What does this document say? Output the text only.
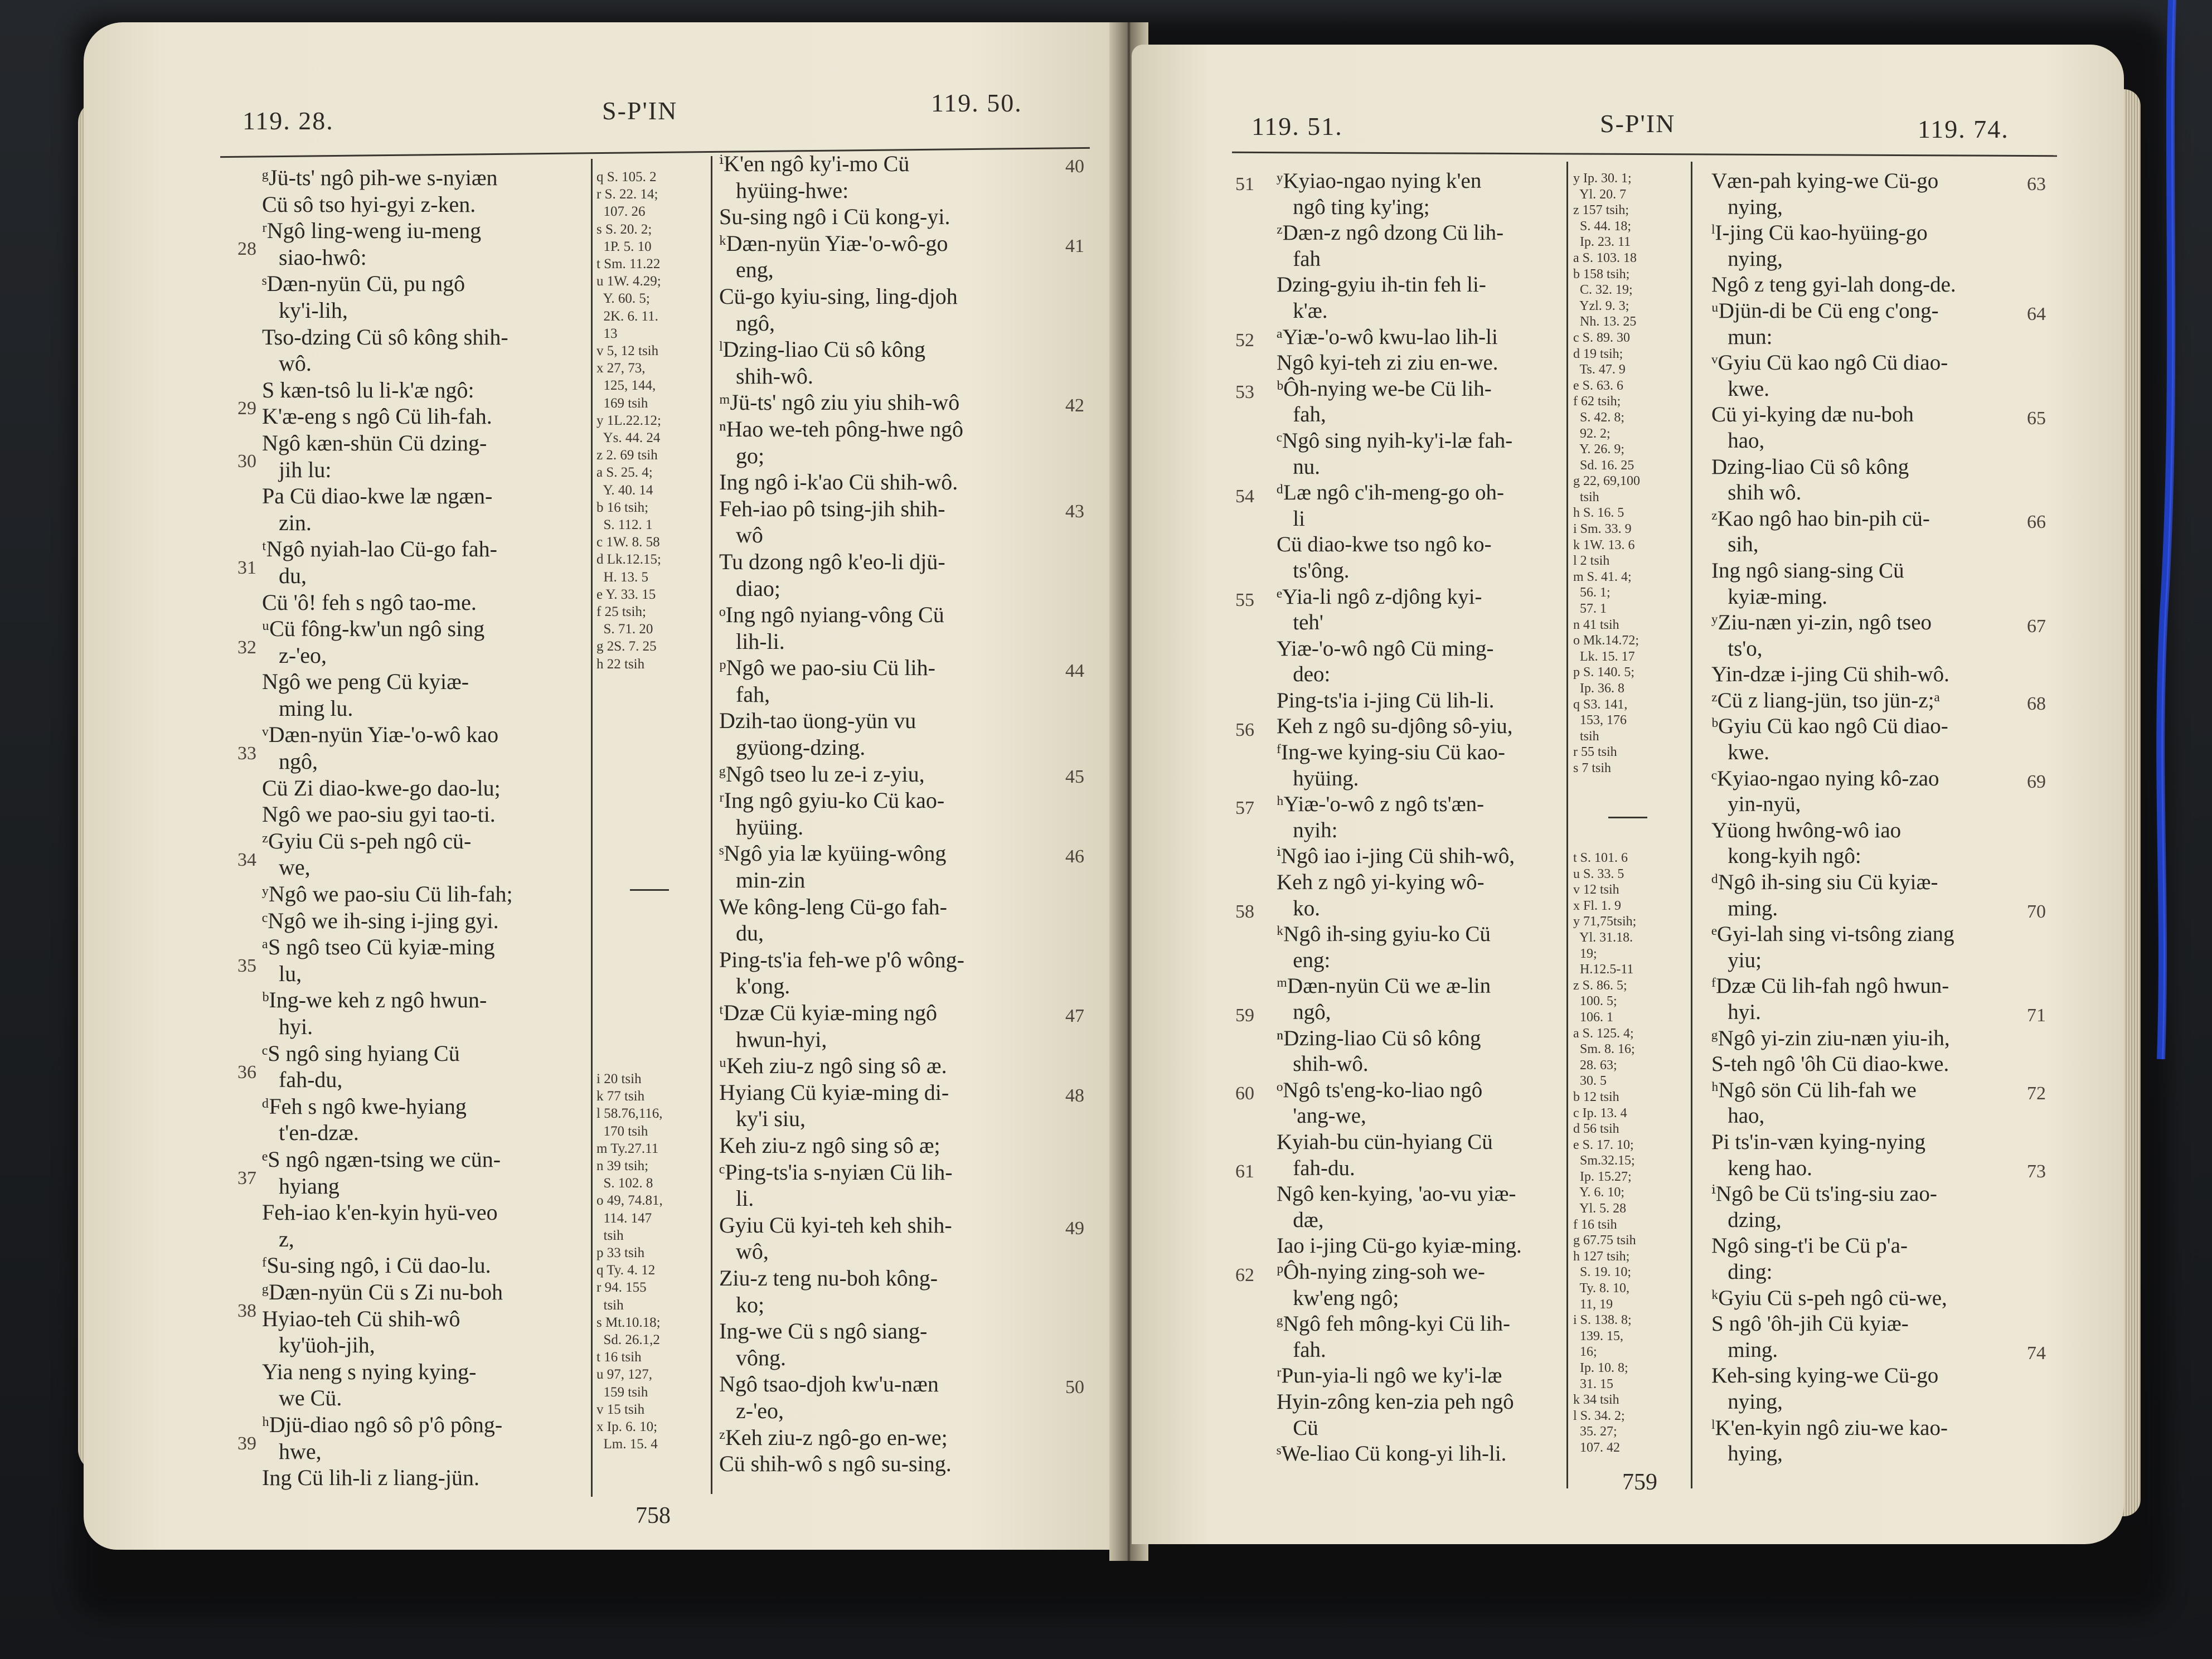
119. 28.	S-P'IN	119. 50.
ᵍJü-ts' ngô pih-we s-nyiæn
Cü sô tso hyi-gyi z-ken.
ʳNgô ling-weng iu-meng
siao-hwô:
ˢDæn-nyün Cü, pu ngô
ky'i-lih,
Tso-dzing Cü sô kông shih-
wô.
S kæn-tsô lu li-k'æ ngô:
K'æ-eng s ngô Cü lih-fah.
Ngô kæn-shün Cü dzing-
jih lu:
Pa Cü diao-kwe læ ngæn-
zin.
ᵗNgô nyiah-lao Cü-go fah-
du,
Cü 'ô! feh s ngô tao-me.
ᵘCü fông-kw'un ngô sing
z-'eo,
Ngô we peng Cü kyiæ-
ming lu.
ᵛDæn-nyün Yiæ-'o-wô kao
ngô,
Cü Zi diao-kwe-go dao-lu;
Ngô we pao-siu gyi tao-ti.
ᶻGyiu Cü s-peh ngô cü-
we,
ʸNgô we pao-siu Cü lih-fah;
ᶜNgô we ih-sing i-jing gyi.
ᵃS ngô tseo Cü kyiæ-ming
lu,
ᵇIng-we keh z ngô hwun-
hyi.
ᶜS ngô sing hyiang Cü
fah-du,
ᵈFeh s ngô kwe-hyiang
t'en-dzæ.
ᵉS ngô ngæn-tsing we cün-
hyiang
Feh-iao k'en-kyin hyü-veo
z,
ᶠSu-sing ngô, i Cü dao-lu.
ᵍDæn-nyün Cü s Zi nu-boh
Hyiao-teh Cü shih-wô
ky'üoh-jih,
Yia neng s nying kying-
we Cü.
ʰDjü-diao ngô sô p'ô pông-
hwe,
Ing Cü lih-li z liang-jün.
28
29
30
31
32
33
34
35
36
37
38
39
q S. 105. 2
r S. 22. 14;
107. 26
s S. 20. 2;
1P. 5. 10
t Sm. 11.22
u 1W. 4.29;
Y. 60. 5;
2K. 6. 11.
13
v 5, 12 tsih
x 27, 73,
125, 144,
169 tsih
y 1L.22.12;
Ys. 44. 24
z 2. 69 tsih
a S. 25. 4;
Y. 40. 14
b 16 tsih;
S. 112. 1
c 1W. 8. 58
d Lk.12.15;
H. 13. 5
e Y. 33. 15
f 25 tsih;
S. 71. 20
g 2S. 7. 25
h 22 tsih
i 20 tsih
k 77 tsih
l 58.76,116,
170 tsih
m Ty.27.11
n 39 tsih;
S. 102. 8
o 49, 74.81,
114. 147
tsih
p 33 tsih
q Ty. 4. 12
r 94. 155
tsih
s Mt.10.18;
Sd. 26.1,2
t 16 tsih
u 97, 127,
159 tsih
v 15 tsih
x Ip. 6. 10;
Lm. 15. 4
ⁱK'en ngô ky'i-mo Cü
hyüing-hwe:
Su-sing ngô i Cü kong-yi.
ᵏDæn-nyün Yiæ-'o-wô-go
eng,
Cü-go kyiu-sing, ling-djoh
ngô,
ˡDzing-liao Cü sô kông
shih-wô.
ᵐJü-ts' ngô ziu yiu shih-wô
ⁿHao we-teh pông-hwe ngô
go;
Ing ngô i-k'ao Cü shih-wô.
Feh-iao pô tsing-jih shih-
wô
Tu dzong ngô k'eo-li djü-
diao;
ᵒIng ngô nyiang-vông Cü
lih-li.
ᵖNgô we pao-siu Cü lih-
fah,
Dzih-tao üong-yün vu
gyüong-dzing.
ᵍNgô tseo lu ze-i z-yiu,
ʳIng ngô gyiu-ko Cü kao-
hyüing.
ˢNgô yia læ kyüing-wông
min-zin
We kông-leng Cü-go fah-
du,
Ping-ts'ia feh-we p'ô wông-
k'ong.
ᵗDzæ Cü kyiæ-ming ngô
hwun-hyi,
ᵘKeh ziu-z ngô sing sô æ.
Hyiang Cü kyiæ-ming di-
ky'i siu,
Keh ziu-z ngô sing sô æ;
ᶜPing-ts'ia s-nyiæn Cü lih-
li.
Gyiu Cü kyi-teh keh shih-
wô,
Ziu-z teng nu-boh kông-
ko;
Ing-we Cü s ngô siang-
vông.
Ngô tsao-djoh kw'u-næn
z-'eo,
ᶻKeh ziu-z ngô-go en-we;
Cü shih-wô s ngô su-sing.
40
41
42
43
44
45
46
47
48
49
50
758
119. 51.	S-P'IN	119. 74.
ʸKyiao-ngao nying k'en
ngô ting ky'ing;
ᶻDæn-z ngô dzong Cü lih-
fah
Dzing-gyiu ih-tin feh li-
k'æ.
ᵃYiæ-'o-wô kwu-lao lih-li
Ngô kyi-teh zi ziu en-we.
ᵇÔh-nying we-be Cü lih-
fah,
ᶜNgô sing nyih-ky'i-læ fah-
nu.
ᵈLæ ngô c'ih-meng-go oh-
li
Cü diao-kwe tso ngô ko-
ts'ông.
ᵉYia-li ngô z-djông kyi-
teh'
Yiæ-'o-wô ngô Cü ming-
deo:
Ping-ts'ia i-jing Cü lih-li.
Keh z ngô su-djông sô-yiu,
ᶠIng-we kying-siu Cü kao-
hyüing.
ʰYiæ-'o-wô z ngô ts'æn-
nyih:
ⁱNgô iao i-jing Cü shih-wô,
Keh z ngô yi-kying wô-
ko.
ᵏNgô ih-sing gyiu-ko Cü
eng:
ᵐDæn-nyün Cü we æ-lin
ngô,
ⁿDzing-liao Cü sô kông
shih-wô.
ᵒNgô ts'eng-ko-liao ngô
'ang-we,
Kyiah-bu cün-hyiang Cü
fah-du.
Ngô ken-kying, 'ao-vu yiæ-
dæ,
Iao i-jing Cü-go kyiæ-ming.
ᵖÔh-nying zing-soh we-
kw'eng ngô;
ᵍNgô feh mông-kyi Cü lih-
fah.
ʳPun-yia-li ngô we ky'i-læ
Hyin-zông ken-zia peh ngô
Cü
ˢWe-liao Cü kong-yi lih-li.
51
52
53
54
55
56
57
58
59
60
61
62
y Ip. 30. 1;
Yl. 20. 7
z 157 tsih;
S. 44. 18;
Ip. 23. 11
a S. 103. 18
b 158 tsih;
C. 32. 19;
Yzl. 9. 3;
Nh. 13. 25
c S. 89. 30
d 19 tsih;
Ts. 47. 9
e S. 63. 6
f 62 tsih;
S. 42. 8;
92. 2;
Y. 26. 9;
Sd. 16. 25
g 22, 69,100
tsih
h S. 16. 5
i Sm. 33. 9
k 1W. 13. 6
l 2 tsih
m S. 41. 4;
56. 1;
57. 1
n 41 tsih
o Mk.14.72;
Lk. 15. 17
p S. 140. 5;
Ip. 36. 8
q S3. 141,
153, 176
tsih
r 55 tsih
s 7 tsih
t S. 101. 6
u S. 33. 5
v 12 tsih
x Fl. 1. 9
y 71,75tsih;
Yl. 31.18.
19;
H.12.5-11
z S. 86. 5;
100. 5;
106. 1
a S. 125. 4;
Sm. 8. 16;
28. 63;
30. 5
b 12 tsih
c Ip. 13. 4
d 56 tsih
e S. 17. 10;
Sm.32.15;
Ip. 15.27;
Y. 6. 10;
Yl. 5. 28
f 16 tsih
g 67.75 tsih
h 127 tsih;
S. 19. 10;
Ty. 8. 10,
11, 19
i S. 138. 8;
139. 15,
16;
Ip. 10. 8;
31. 15
k 34 tsih
l S. 34. 2;
35. 27;
107. 42
Væn-pah kying-we Cü-go
nying,
ˡI-jing Cü kao-hyüing-go
nying,
Ngô z teng gyi-lah dong-de.
ᵘDjün-di be Cü eng c'ong-
mun:
ᵛGyiu Cü kao ngô Cü diao-
kwe.
Cü yi-kying dæ nu-boh
hao,
Dzing-liao Cü sô kông
shih wô.
ᶻKao ngô hao bin-pih cü-
sih,
Ing ngô siang-sing Cü
kyiæ-ming.
ʸZiu-næn yi-zin, ngô tseo
ts'o,
Yin-dzæ i-jing Cü shih-wô.
ᶻCü z liang-jün, tso jün-z;ᵃ
ᵇGyiu Cü kao ngô Cü diao-
kwe.
ᶜKyiao-ngao nying kô-zao
yin-nyü,
Yüong hwông-wô iao
kong-kyih ngô:
ᵈNgô ih-sing siu Cü kyiæ-
ming.
ᵉGyi-lah sing vi-tsông ziang
yiu;
ᶠDzæ Cü lih-fah ngô hwun-
hyi.
ᵍNgô yi-zin ziu-næn yiu-ih,
S-teh ngô 'ôh Cü diao-kwe.
ʰNgô sön Cü lih-fah we
hao,
Pi ts'in-væn kying-nying
keng hao.
ⁱNgô be Cü ts'ing-siu zao-
dzing,
Ngô sing-t'i be Cü p'a-
ding:
ᵏGyiu Cü s-peh ngô cü-we,
S ngô 'ôh-jih Cü kyiæ-
ming.
Keh-sing kying-we Cü-go
nying,
ˡK'en-kyin ngô ziu-we kao-
hying,
63
64
65
66
67
68
69
70
71
72
73
74
759
